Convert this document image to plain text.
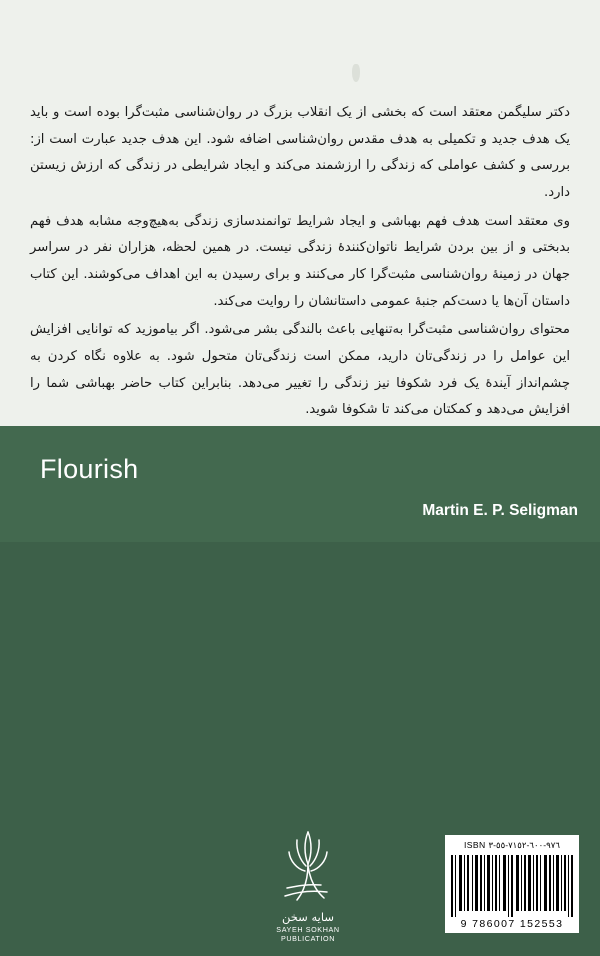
دکتر سلیگمن معتقد است که بخشی از یک انقلاب بزرگ در روان‌شناسی مثبت‌گرا بوده است و باید یک هدف جدید و تکمیلی به هدف مقدس روان‌شناسی اضافه شود. این هدف جدید عبارت است از: بررسی و کشف عواملی که زندگی را ارزشمند می‌کند و ایجاد شرایطی در زندگی که ارزش زیستن دارد.

وی معتقد است هدف فهم بهباشی و ایجاد شرایط توانمندسازی زندگی به‌هیچ‌وجه مشابه هدف فهم بدبختی و از بین بردن شرایط ناتوان‌کنندهٔ زندگی نیست. در همین لحظه، هزاران نفر در سراسر جهان در زمینهٔ روان‌شناسی مثبت‌گرا کار می‌کنند و برای رسیدن به این اهداف می‌کوشند. این کتاب داستان آن‌ها یا دست‌کم جنبهٔ عمومی داستانشان را روایت می‌کند.

محتوای روان‌شناسی مثبت‌گرا به‌تنهایی باعث بالندگی بشر می‌شود. اگر بیاموزید که توانایی افزایش این عوامل را در زندگی‌تان دارید، ممکن است زندگی‌تان متحول شود. به علاوه نگاه کردن به چشم‌انداز آیندهٔ یک فرد شکوفا نیز زندگی را تغییر می‌دهد. بنابراین کتاب حاضر بهباشی شما را افزایش می‌دهد و کمکتان می‌کند تا شکوفا شوید.

Flourish
Martin E. P. Seligman
سایه سخن
SAYEH SOKHAN
PUBLICATION
ISBN ٩٧٦-٦٠٠-٧١٥٢-٥٥-٣
9 786007 152553
